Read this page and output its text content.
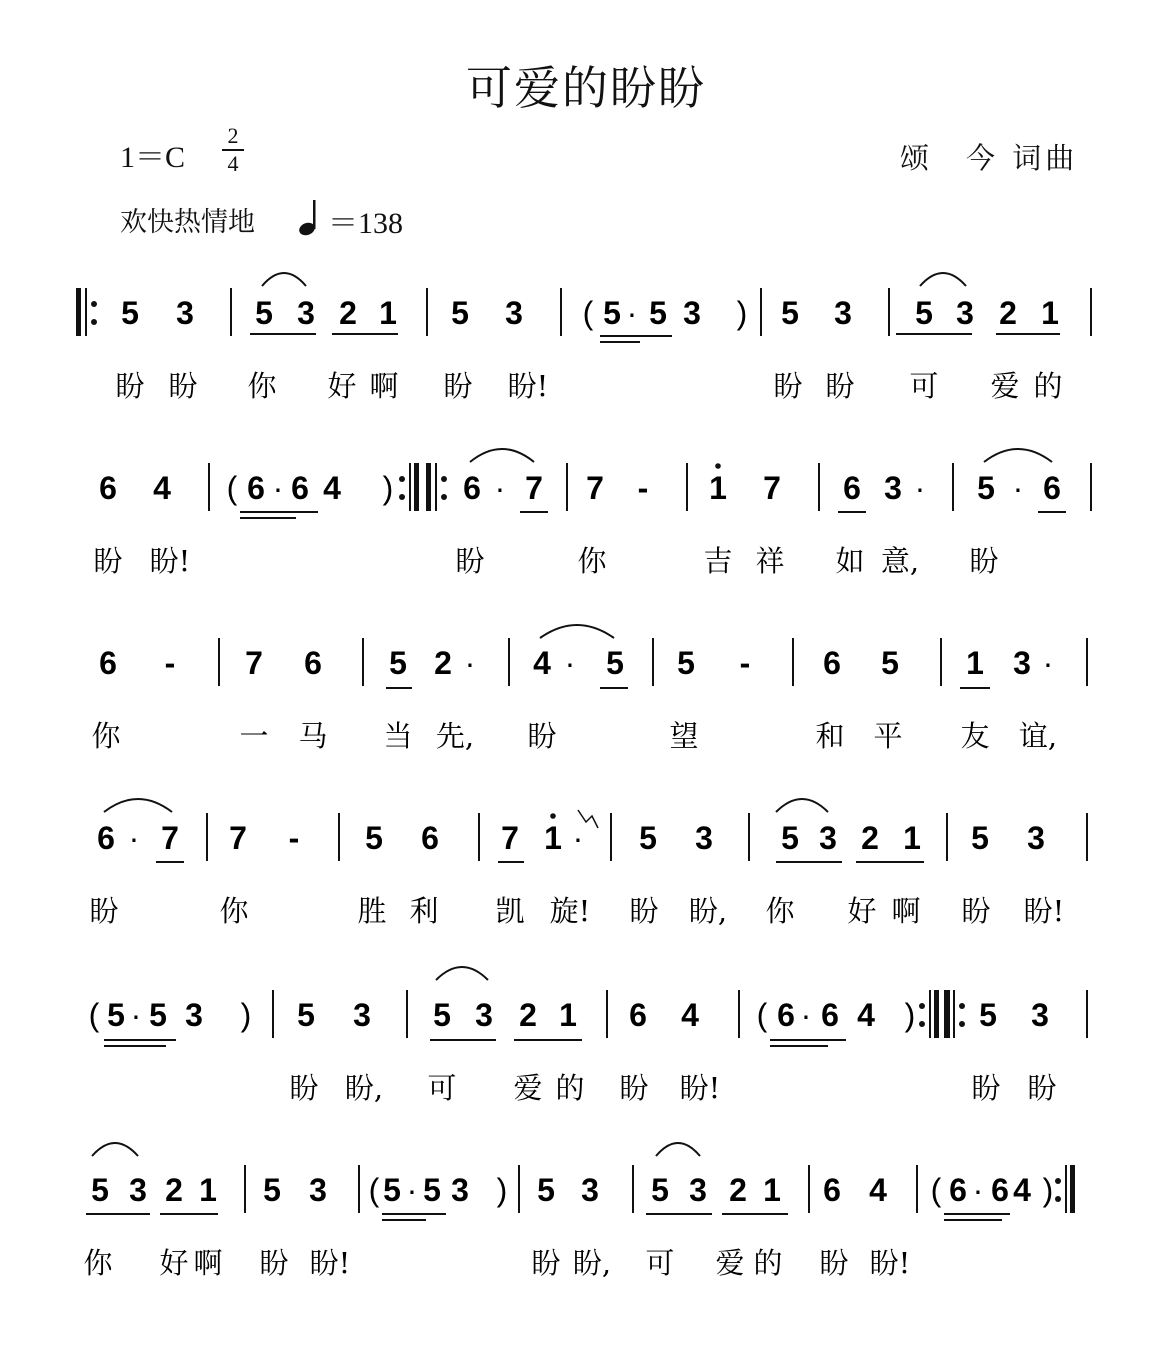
可爱的盼盼
1＝C
2
4	颂　今 词曲
欢快热情地 ＝138
5 3 5 3 2 1 5 3 ( 5 · 5 3 ) 5 3 5 3 2 1
盼 盼 你 好 啊 盼 盼!	盼 盼 可 爱 的
6 4 ( 6 · 6 4 ) 6 · 7 7 - 1 7 6 3 · 5 · 6
盼 盼!	盼	你	吉 祥 如 意, 盼
6 - 7 6 5 2 · 4 · 5 5 - 6 5 1 3 ·
你	一 马 当 先, 盼	望	和 平 友 谊,
6 · 7 7 - 5 6 7 1 · 5 3 5 3 2 1 5 3
盼	你	胜 利 凯 旋! 盼 盼, 你 好 啊 盼 盼!
( 5 · 5 3 ) 5 3 5 3 2 1 6 4 ( 6 · 6 4 ) 5 3
盼 盼, 可 爱 的 盼 盼!	盼 盼
5 3 2 1 5 3 ( 5 · 5 3 ) 5 3 5 3 2 1 6 4 ( 6 · 6 4 )
你 好 啊 盼 盼!	盼 盼, 可 爱 的 盼 盼!
